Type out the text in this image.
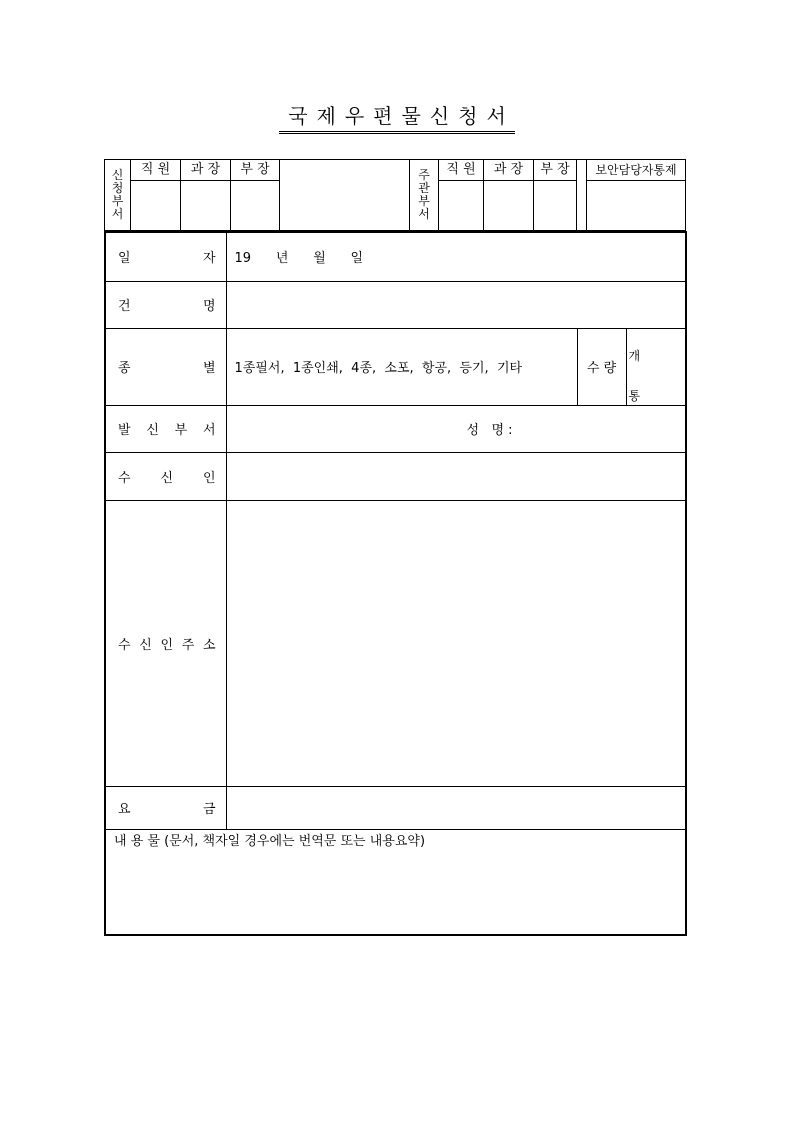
국제우편물신청서
신청부서	직 원	과 장	부 장		주관부서	직 원	과 장	부 장		보안담당자통제

일 자	19      년      월      일		

건 명			

종 별	1종필서,  1종인쇄,  4종,  소포,  항공,  등기,  기타	수 량	개
통

발 신 부 서	성   명 :		

수 신 인			

수 신 인 주 소			

요 금			

내 용 물 (문서, 책자일 경우에는 번역문 또는 내용요약)			
